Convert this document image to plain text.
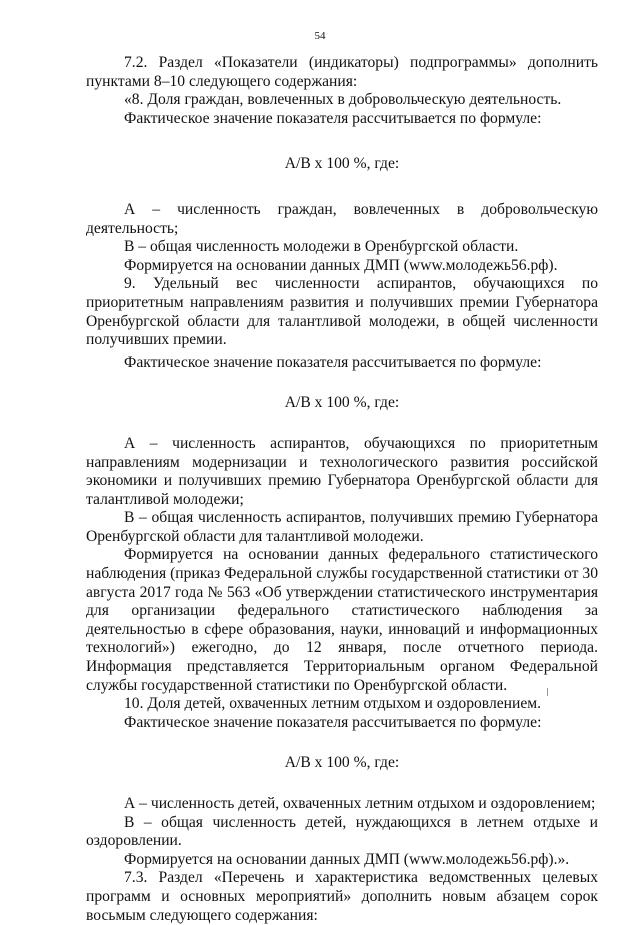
54

7.2. Раздел «Показатели (индикаторы) подпрограммы» дополнить пунктами 8–10 следующего содержания:

«8. Доля граждан, вовлеченных в добровольческую деятельность.

Фактическое значение показателя рассчитывается по формуле:

А/В х 100 %, где:

А – численность граждан, вовлеченных в добровольческую деятельность;

В – общая численность молодежи в Оренбургской области.

Формируется на основании данных ДМП (www.молодежь56.рф).

9. Удельный вес численности аспирантов, обучающихся по приоритетным направлениям развития и получивших премии Губернатора Оренбургской области для талантливой молодежи, в общей численности получивших премии.

Фактическое значение показателя рассчитывается по формуле:

А/В х 100 %, где:

А – численность аспирантов, обучающихся по приоритетным направлениям модернизации и технологического развития российской экономики и получивших премию Губернатора Оренбургской области для талантливой молодежи;

В – общая численность аспирантов, получивших премию Губернатора Оренбургской области для талантливой молодежи.

Формируется на основании данных федерального статистического наблюдения (приказ Федеральной службы государственной статистики от 30 августа 2017 года № 563 «Об утверждении статистического инструментария для организации федерального статистического наблюдения за деятельностью в сфере образования, науки, инноваций и информационных технологий») ежегодно, до 12 января, после отчетного периода. Информация представляется Территориальным органом Федеральной службы государственной статистики по Оренбургской области.

10. Доля детей, охваченных летним отдыхом и оздоровлением.

Фактическое значение показателя рассчитывается по формуле:

А/В х 100 %, где:

А – численность детей, охваченных летним отдыхом и оздоровлением;

В – общая численность детей, нуждающихся в летнем отдыхе и оздоровлении.

Формируется на основании данных ДМП (www.молодежь56.рф).».

7.3. Раздел «Перечень и характеристика ведомственных целевых программ и основных мероприятий» дополнить новым абзацем сорок восьмым следующего содержания:
